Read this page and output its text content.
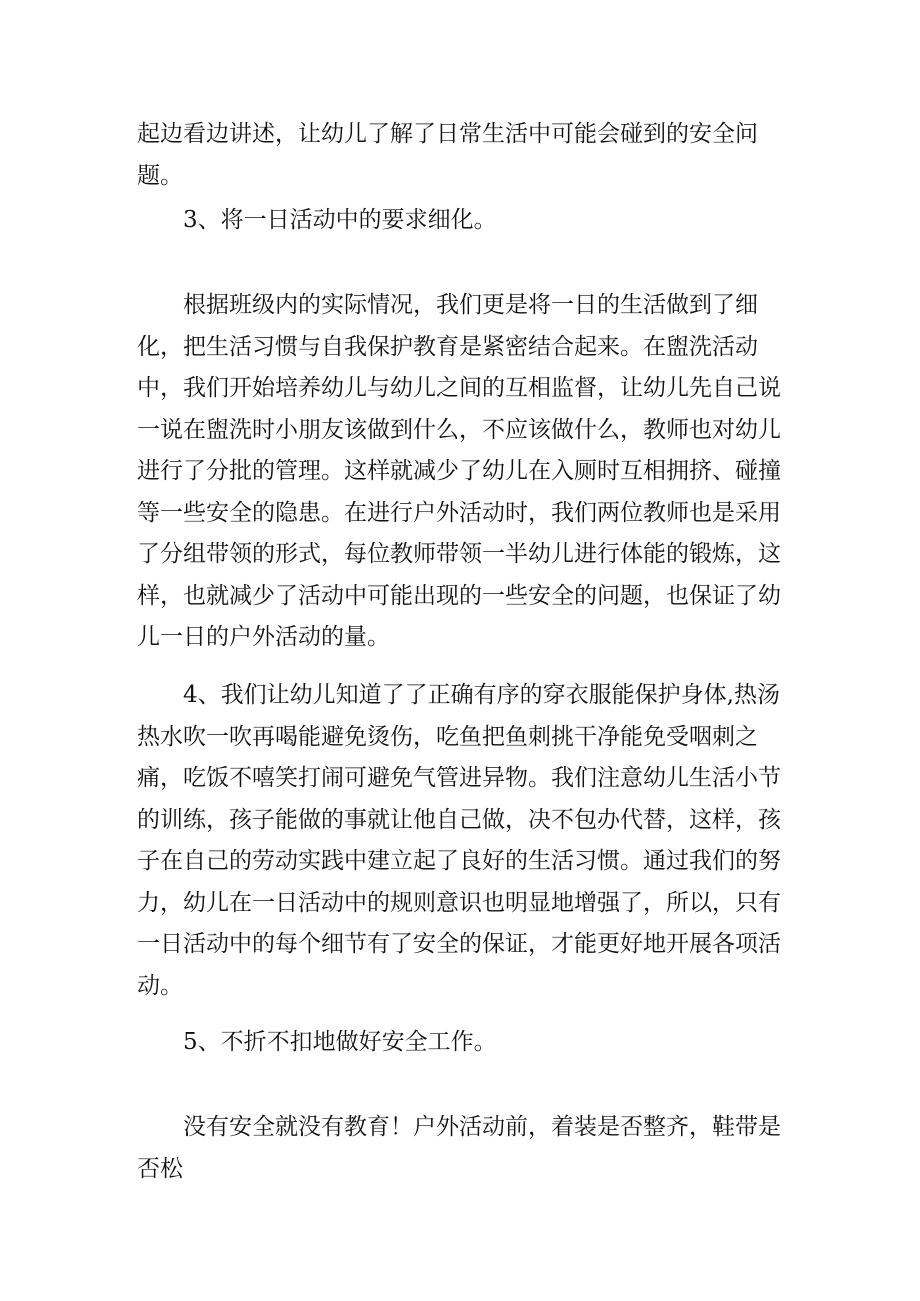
起边看边讲述，让幼儿了解了日常生活中可能会碰到的安全问题。

3、将一日活动中的要求细化。

根据班级内的实际情况，我们更是将一日的生活做到了细化，把生活习惯与自我保护教育是紧密结合起来。在盥洗活动中，我们开始培养幼儿与幼儿之间的互相监督，让幼儿先自己说一说在盥洗时小朋友该做到什么，不应该做什么，教师也对幼儿进行了分批的管理。这样就减少了幼儿在入厕时互相拥挤、碰撞等一些安全的隐患。在进行户外活动时，我们两位教师也是采用了分组带领的形式，每位教师带领一半幼儿进行体能的锻炼，这样，也就减少了活动中可能出现的一些安全的问题，也保证了幼儿一日的户外活动的量。

4、我们让幼儿知道了了正确有序的穿衣服能保护身体,热汤热水吹一吹再喝能避免烫伤，吃鱼把鱼刺挑干净能免受咽刺之痛，吃饭不嘻笑打闹可避免气管进异物。我们注意幼儿生活小节的训练，孩子能做的事就让他自己做，决不包办代替，这样，孩子在自己的劳动实践中建立起了良好的生活习惯。通过我们的努力，幼儿在一日活动中的规则意识也明显地增强了，所以，只有一日活动中的每个细节有了安全的保证，才能更好地开展各项活动。

5、不折不扣地做好安全工作。

没有安全就没有教育！户外活动前，着装是否整齐，鞋带是否松
